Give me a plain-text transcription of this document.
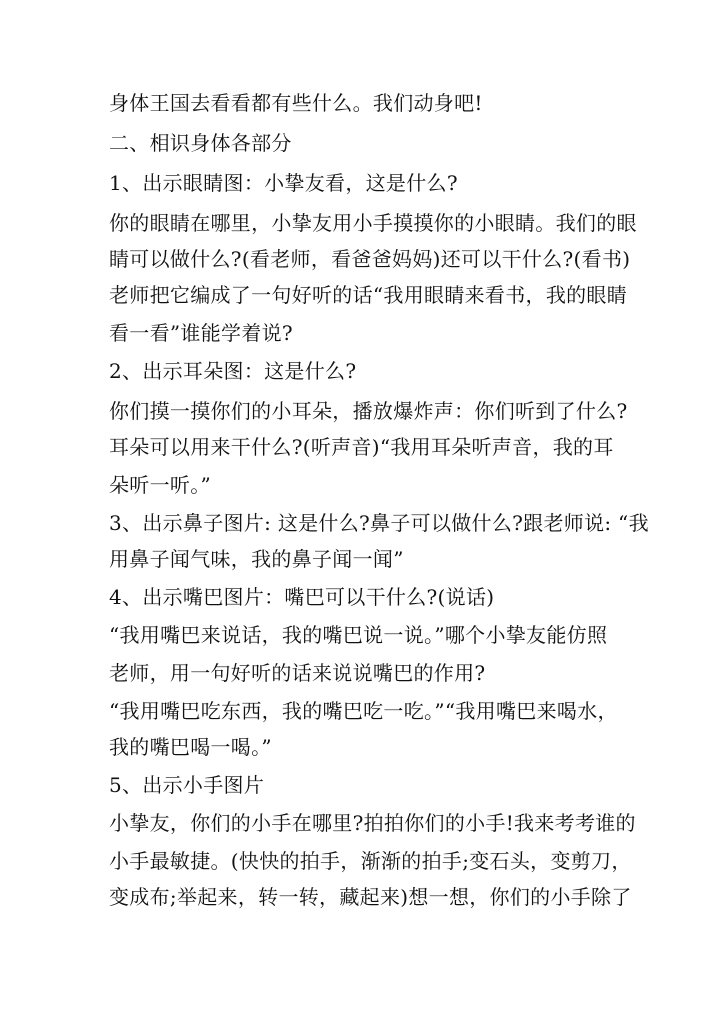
身体王国去看看都有些什么。我们动身吧!
二、相识身体各部分
1、出示眼睛图：小挚友看，这是什么?
你的眼睛在哪里，小挚友用小手摸摸你的小眼睛。我们的眼
睛可以做什么?(看老师，看爸爸妈妈)还可以干什么?(看书)
老师把它编成了一句好听的话“我用眼睛来看书，我的眼睛
看一看”谁能学着说?
2、出示耳朵图：这是什么?
你们摸一摸你们的小耳朵，播放爆炸声：你们听到了什么?
耳朵可以用来干什么?(听声音)“我用耳朵听声音，我的耳
朵听一听。”
3、出示鼻子图片: 这是什么?鼻子可以做什么?跟老师说: “我
用鼻子闻气味，我的鼻子闻一闻”
4、出示嘴巴图片：嘴巴可以干什么?(说话)
“我用嘴巴来说话，我的嘴巴说一说。”哪个小挚友能仿照
老师，用一句好听的话来说说嘴巴的作用?
“我用嘴巴吃东西，我的嘴巴吃一吃。”“我用嘴巴来喝水，
我的嘴巴喝一喝。”
5、出示小手图片
小挚友，你们的小手在哪里?拍拍你们的小手!我来考考谁的
小手最敏捷。(快快的拍手，渐渐的拍手;变石头，变剪刀，
变成布;举起来，转一转，藏起来)想一想，你们的小手除了
